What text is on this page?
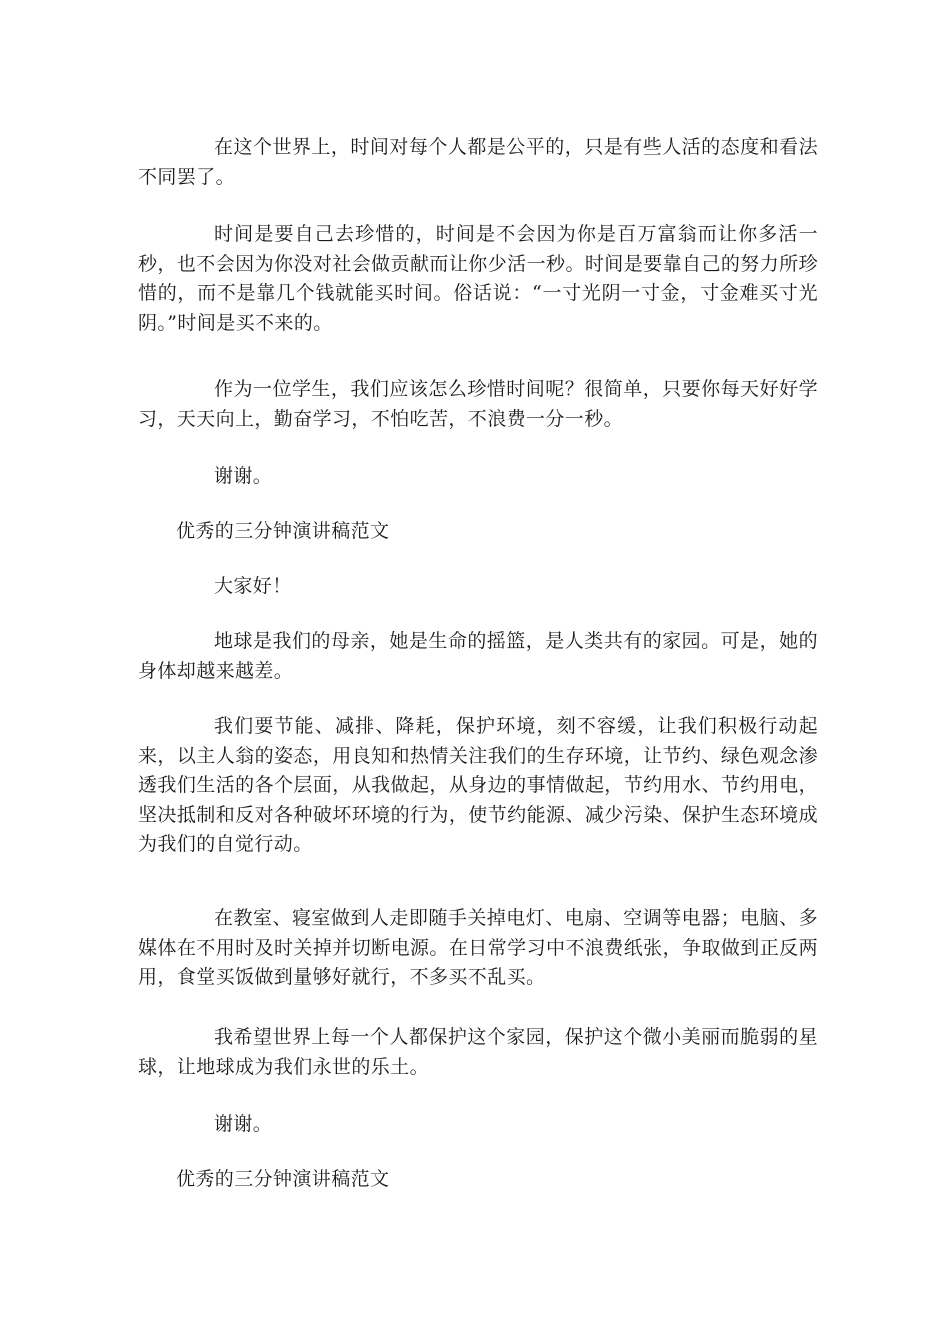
在这个世界上，时间对每个人都是公平的，只是有些人活的态度和看法不同罢了。

时间是要自己去珍惜的，时间是不会因为你是百万富翁而让你多活一秒，也不会因为你没对社会做贡献而让你少活一秒。时间是要靠自己的努力所珍惜的，而不是靠几个钱就能买时间。俗话说：“一寸光阴一寸金，寸金难买寸光阴。”时间是买不来的。

作为一位学生，我们应该怎么珍惜时间呢？很简单，只要你每天好好学习，天天向上，勤奋学习，不怕吃苦，不浪费一分一秒。

谢谢。

优秀的三分钟演讲稿范文

大家好！

地球是我们的母亲，她是生命的摇篮，是人类共有的家园。可是，她的身体却越来越差。

我们要节能、减排、降耗，保护环境，刻不容缓，让我们积极行动起来，以主人翁的姿态，用良知和热情关注我们的生存环境，让节约、绿色观念渗透我们生活的各个层面，从我做起，从身边的事情做起，节约用水、节约用电，坚决抵制和反对各种破坏环境的行为，使节约能源、减少污染、保护生态环境成为我们的自觉行动。

在教室、寝室做到人走即随手关掉电灯、电扇、空调等电器；电脑、多媒体在不用时及时关掉并切断电源。在日常学习中不浪费纸张，争取做到正反两用，食堂买饭做到量够好就行，不多买不乱买。

我希望世界上每一个人都保护这个家园，保护这个微小美丽而脆弱的星球，让地球成为我们永世的乐土。

谢谢。

优秀的三分钟演讲稿范文
